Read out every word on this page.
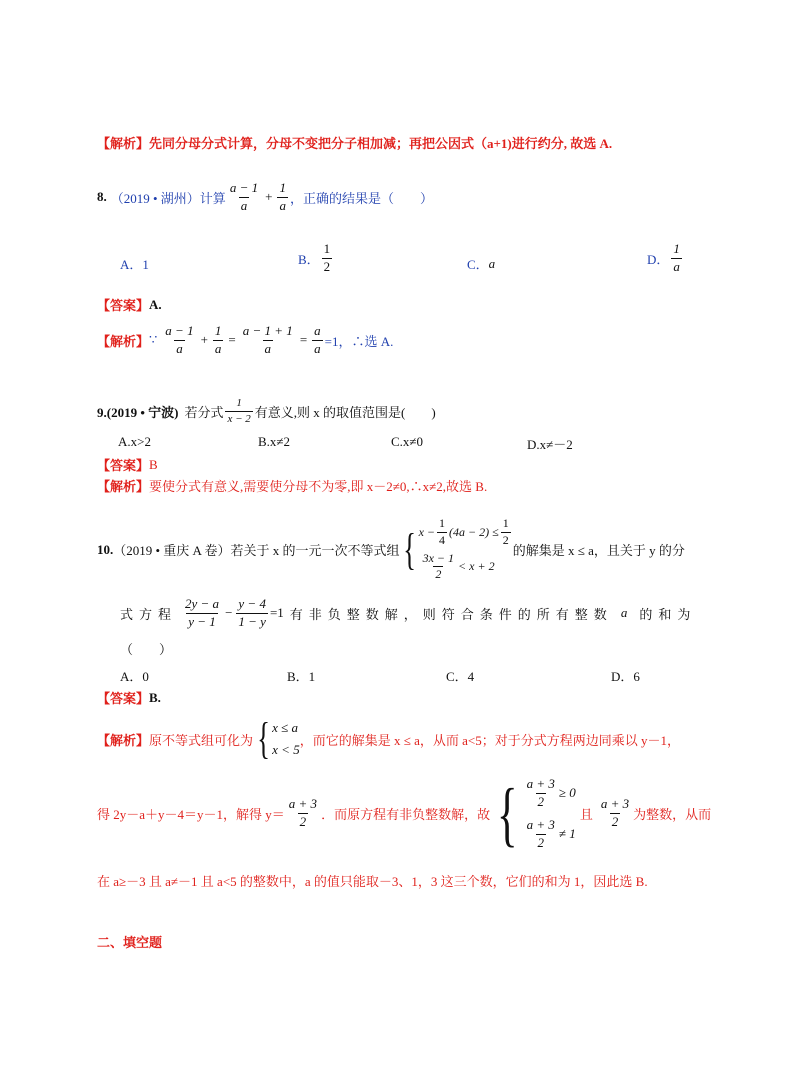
【解析】 先同分母分式计算，分母不变把分子相加减；再把公因式（a+1)进行约分, 故选 A.
8. （2019 • 湖州）计算 $\frac{a - 1}{a} + \frac{1}{a}$ ，正确的结果是（　　）
A．1	B． $\frac{1}{2}$	C． a	D． $\frac{1}{a}$
【答案】 A.
【解析】 ∵ $\frac{a - 1}{a} + \frac{1}{a} = \frac{a - 1 + 1}{a} = \frac{a}{a} =1$，∴选 A.
9.(2019 • 宁波) 若分式 $\frac{1}{x - 2}$ 有意义,则 x 的取值范围是(　　)
A.x>2	B.x≠2	C.x≠0	D.x≠－2
【答案】 B
【解析】 要使分式有意义,需要使分母不为零,即 x－2≠0,∴x≠2,故选 B.
10. （2019 • 重庆 A 卷）若关于 x 的一元一次不等式组 { $x - \frac{1}{4} (4a - 2) \le \frac{1}{2}$
$\frac{3x - 1}{2} < x + 2$
的解集是 x ≤ a，且关于 y 的分
式方程 $\frac{2y - a}{y - 1} - \frac{y - 4}{1 - y} =1$ 有非负整数解，则符合条件的所有整数 a 的和为
（　　）
A．0	B．1	C．4	D．6
【答案】 B.
【解析】 原不等式组可化为 { x ≤ a
x < 5
，而它的解集是 x ≤ a，从而 a<5；对于分式方程两边同乘以 y－1，
得 2y－a＋y－4＝y－1，解得 $y= \frac{a + 3}{2}$ ．而原方程有非负整数解，故 { $\frac{a + 3}{2} \ge 0$
$\frac{a + 3}{2} \ne 1$
且 $\frac{a + 3}{2}$ 为整数，从而
在 a≥－3 且 a≠－1 且 a<5 的整数中，a 的值只能取－3、1，3 这三个数，它们的和为 1，因此选 B.
二、填空题
